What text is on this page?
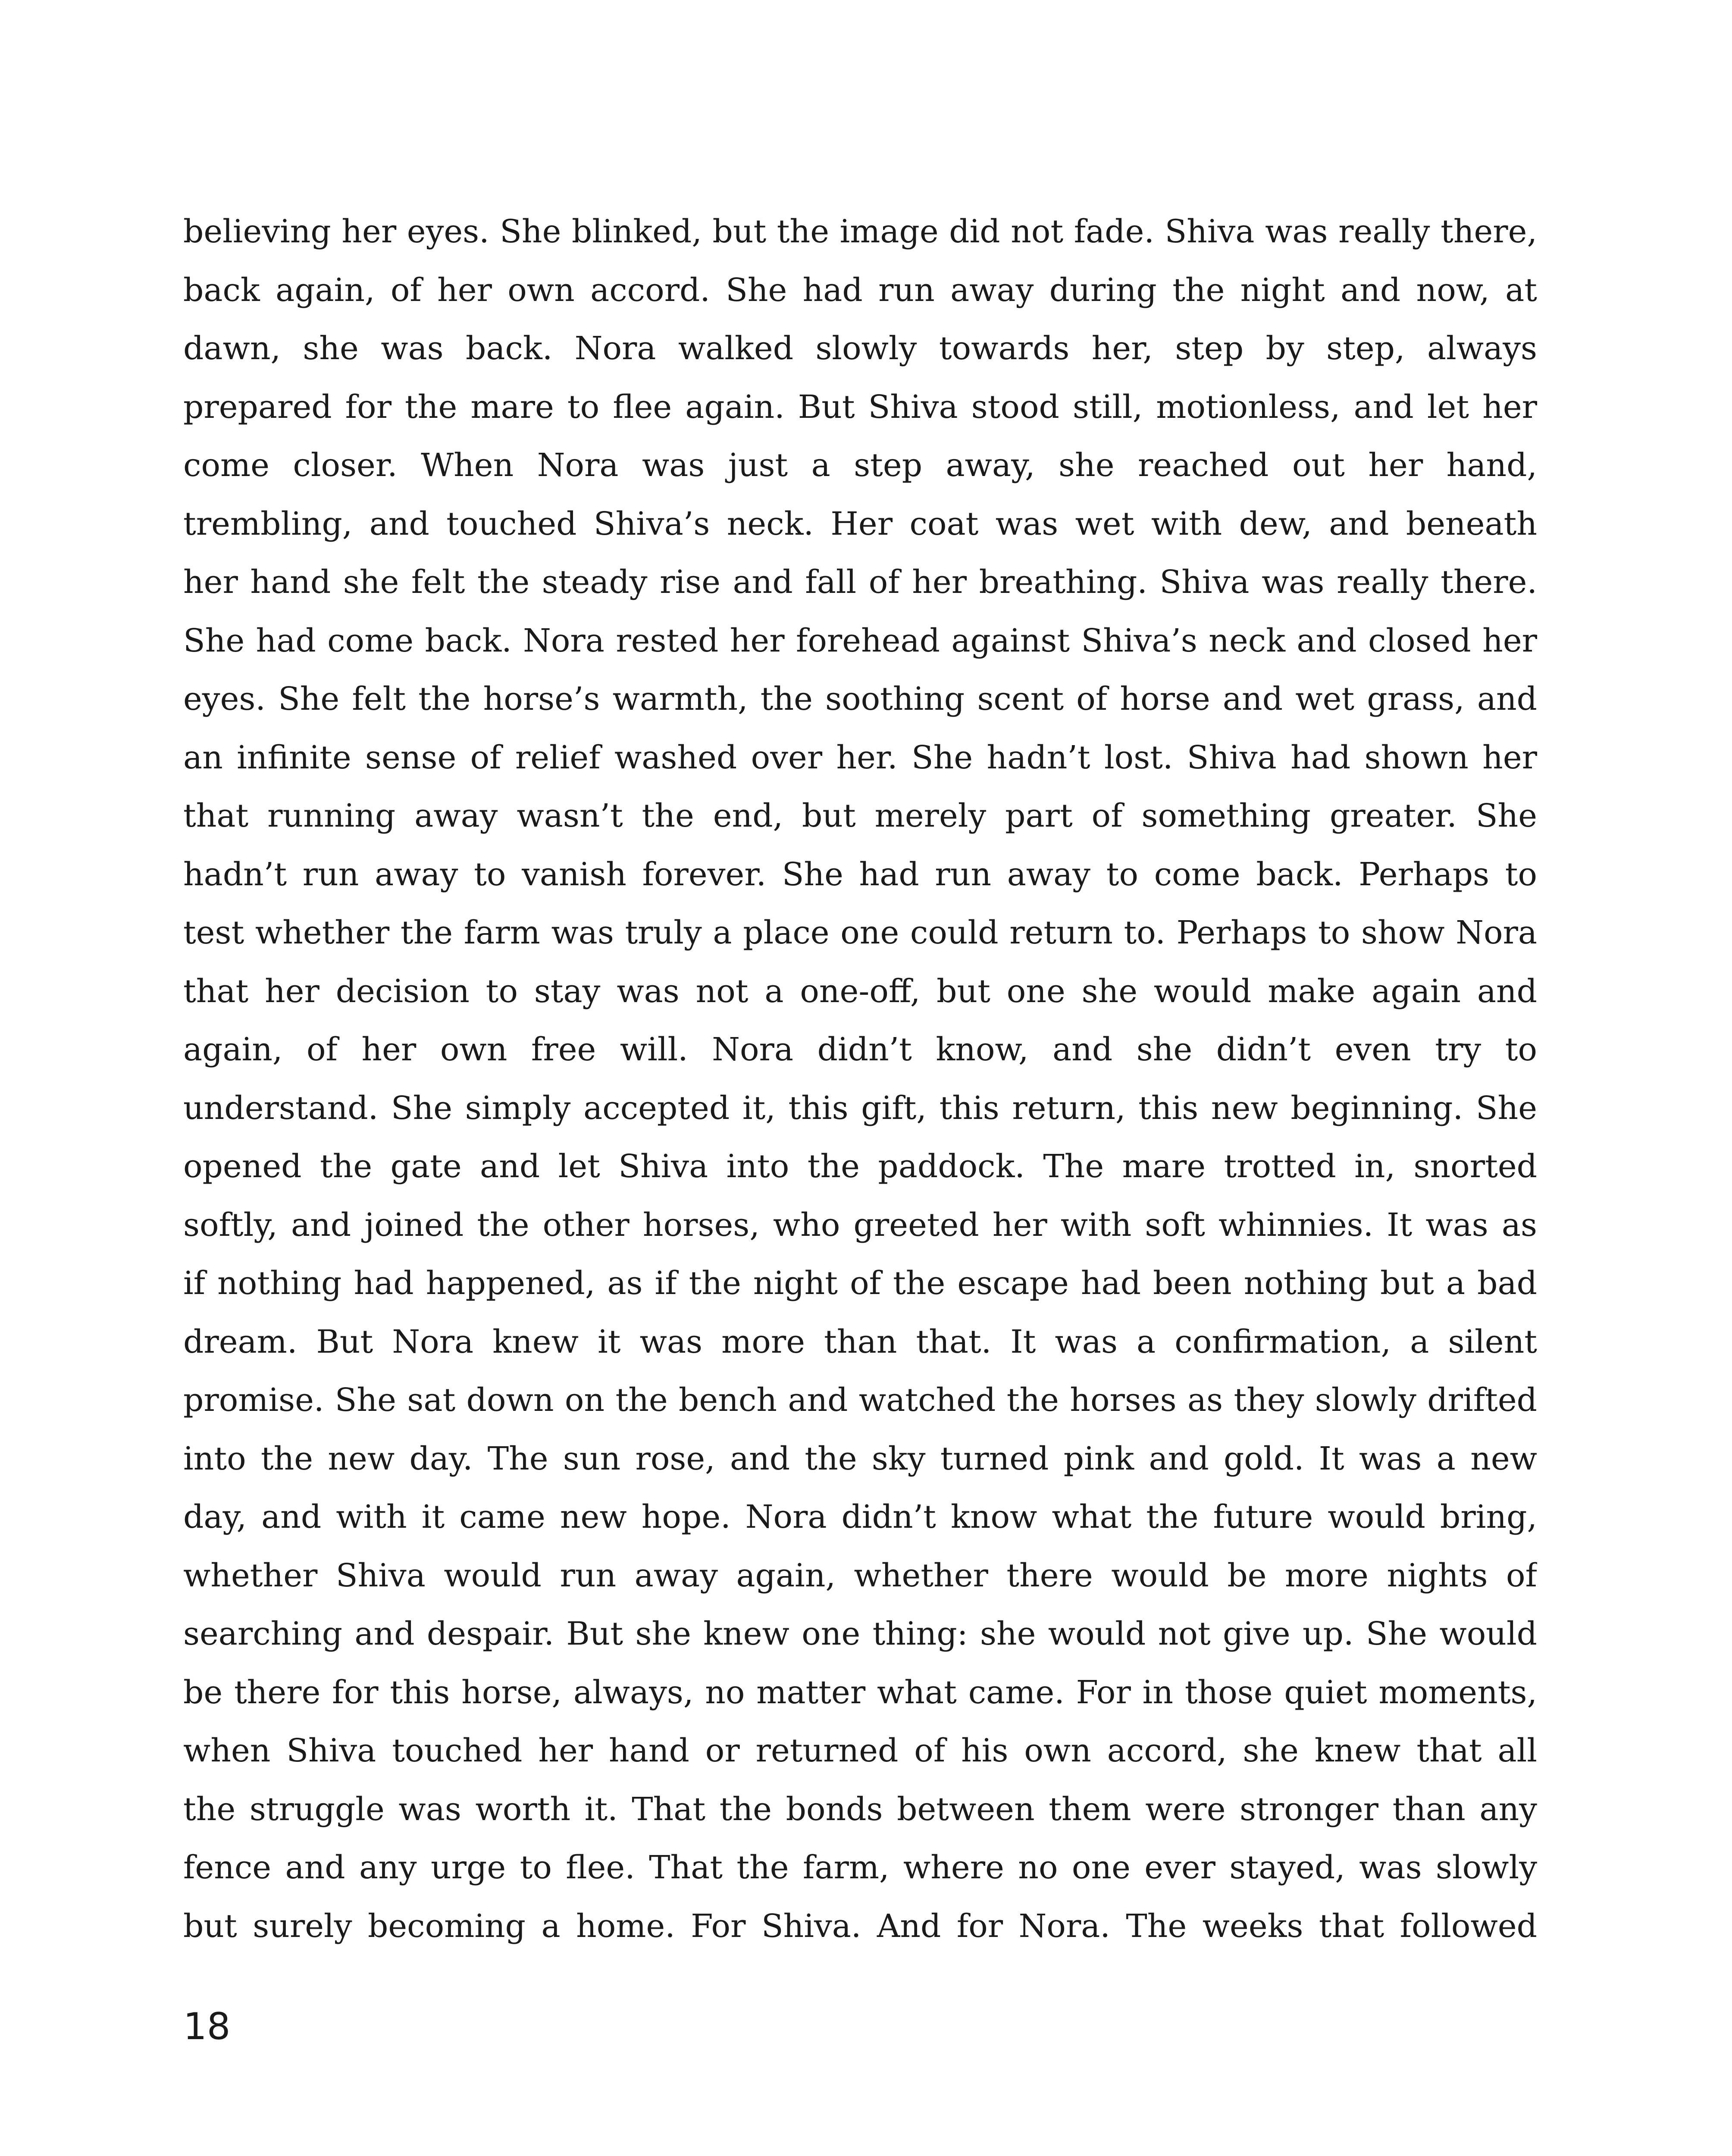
believing her eyes. She blinked, but the image did not fade. Shiva was really there,
back again, of her own accord. She had run away during the night and now, at
dawn, she was back. Nora walked slowly towards her, step by step, always
prepared for the mare to flee again. But Shiva stood still, motionless, and let her
come closer. When Nora was just a step away, she reached out her hand,
trembling, and touched Shiva’s neck. Her coat was wet with dew, and beneath
her hand she felt the steady rise and fall of her breathing. Shiva was really there.
She had come back. Nora rested her forehead against Shiva’s neck and closed her
eyes. She felt the horse’s warmth, the soothing scent of horse and wet grass, and
an infinite sense of relief washed over her. She hadn’t lost. Shiva had shown her
that running away wasn’t the end, but merely part of something greater. She
hadn’t run away to vanish forever. She had run away to come back. Perhaps to
test whether the farm was truly a place one could return to. Perhaps to show Nora
that her decision to stay was not a one-off, but one she would make again and
again, of her own free will. Nora didn’t know, and she didn’t even try to
understand. She simply accepted it, this gift, this return, this new beginning. She
opened the gate and let Shiva into the paddock. The mare trotted in, snorted
softly, and joined the other horses, who greeted her with soft whinnies. It was as
if nothing had happened, as if the night of the escape had been nothing but a bad
dream. But Nora knew it was more than that. It was a confirmation, a silent
promise. She sat down on the bench and watched the horses as they slowly drifted
into the new day. The sun rose, and the sky turned pink and gold. It was a new
day, and with it came new hope. Nora didn’t know what the future would bring,
whether Shiva would run away again, whether there would be more nights of
searching and despair. But she knew one thing: she would not give up. She would
be there for this horse, always, no matter what came. For in those quiet moments,
when Shiva touched her hand or returned of his own accord, she knew that all
the struggle was worth it. That the bonds between them were stronger than any
fence and any urge to flee. That the farm, where no one ever stayed, was slowly
but surely becoming a home. For Shiva. And for Nora. The weeks that followed
18
